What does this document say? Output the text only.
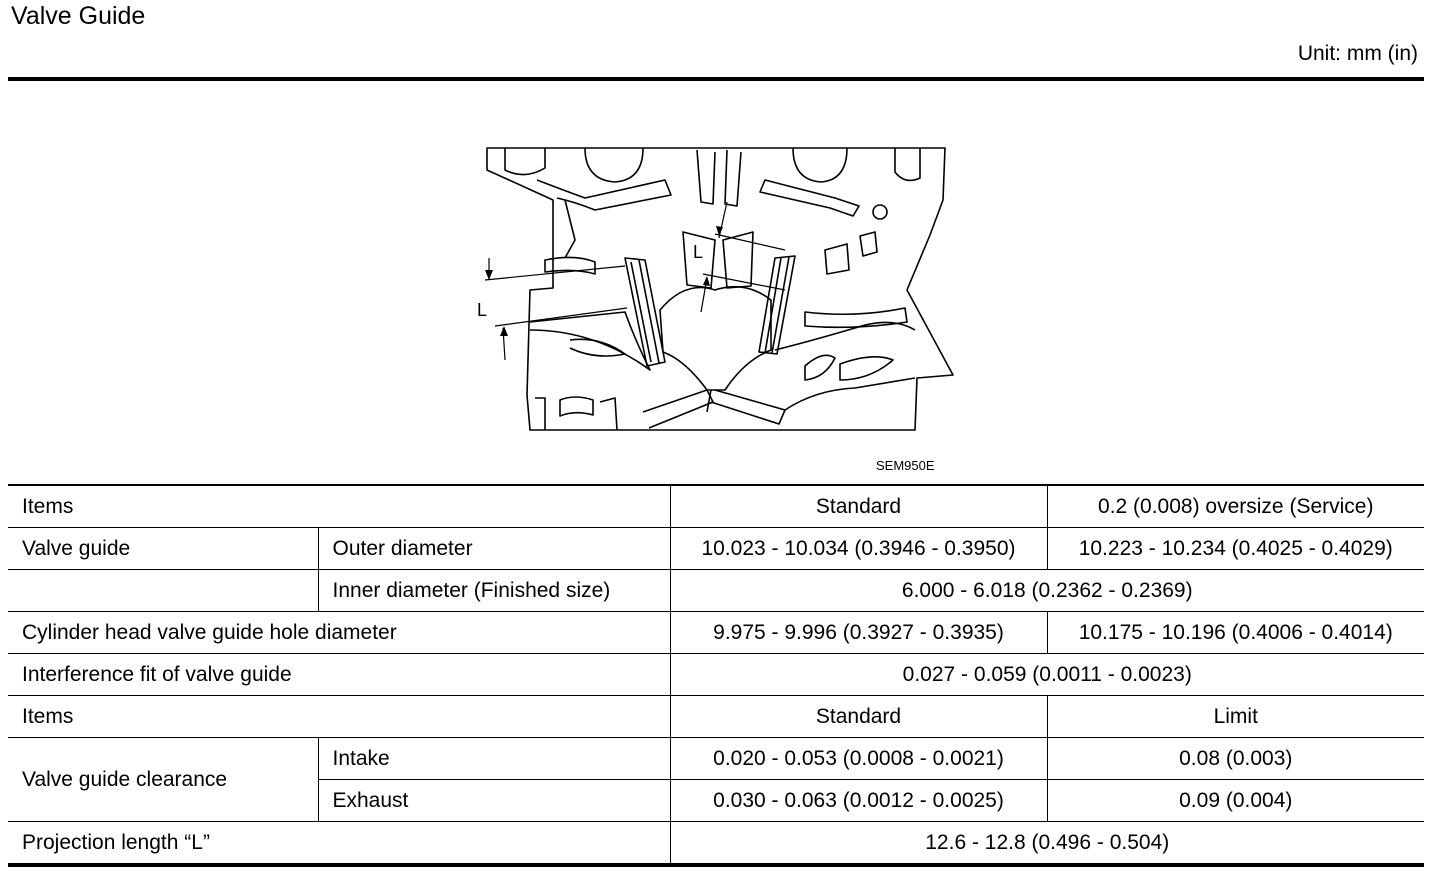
Valve Guide
Unit: mm (in)
L
L
SEM950E
Items		Standard	0.2 (0.008) oversize (Service)
Valve guide	Outer diameter	10.023 - 10.034 (0.3946 - 0.3950)	10.223 - 10.234 (0.4025 - 0.4029)
	Inner diameter (Finished size)	6.000 - 6.018 (0.2362 - 0.2369)	
Cylinder head valve guide hole diameter		9.975 - 9.996 (0.3927 - 0.3935)	10.175 - 10.196 (0.4006 - 0.4014)
Interference fit of valve guide		0.027 - 0.059 (0.0011 - 0.0023)	
Items		Standard	Limit
Valve guide clearance	Intake	0.020 - 0.053 (0.0008 - 0.0021)	0.08 (0.003)
	Exhaust	0.030 - 0.063 (0.0012 - 0.0025)	0.09 (0.004)
Projection length “L”		12.6 - 12.8 (0.496 - 0.504)	
